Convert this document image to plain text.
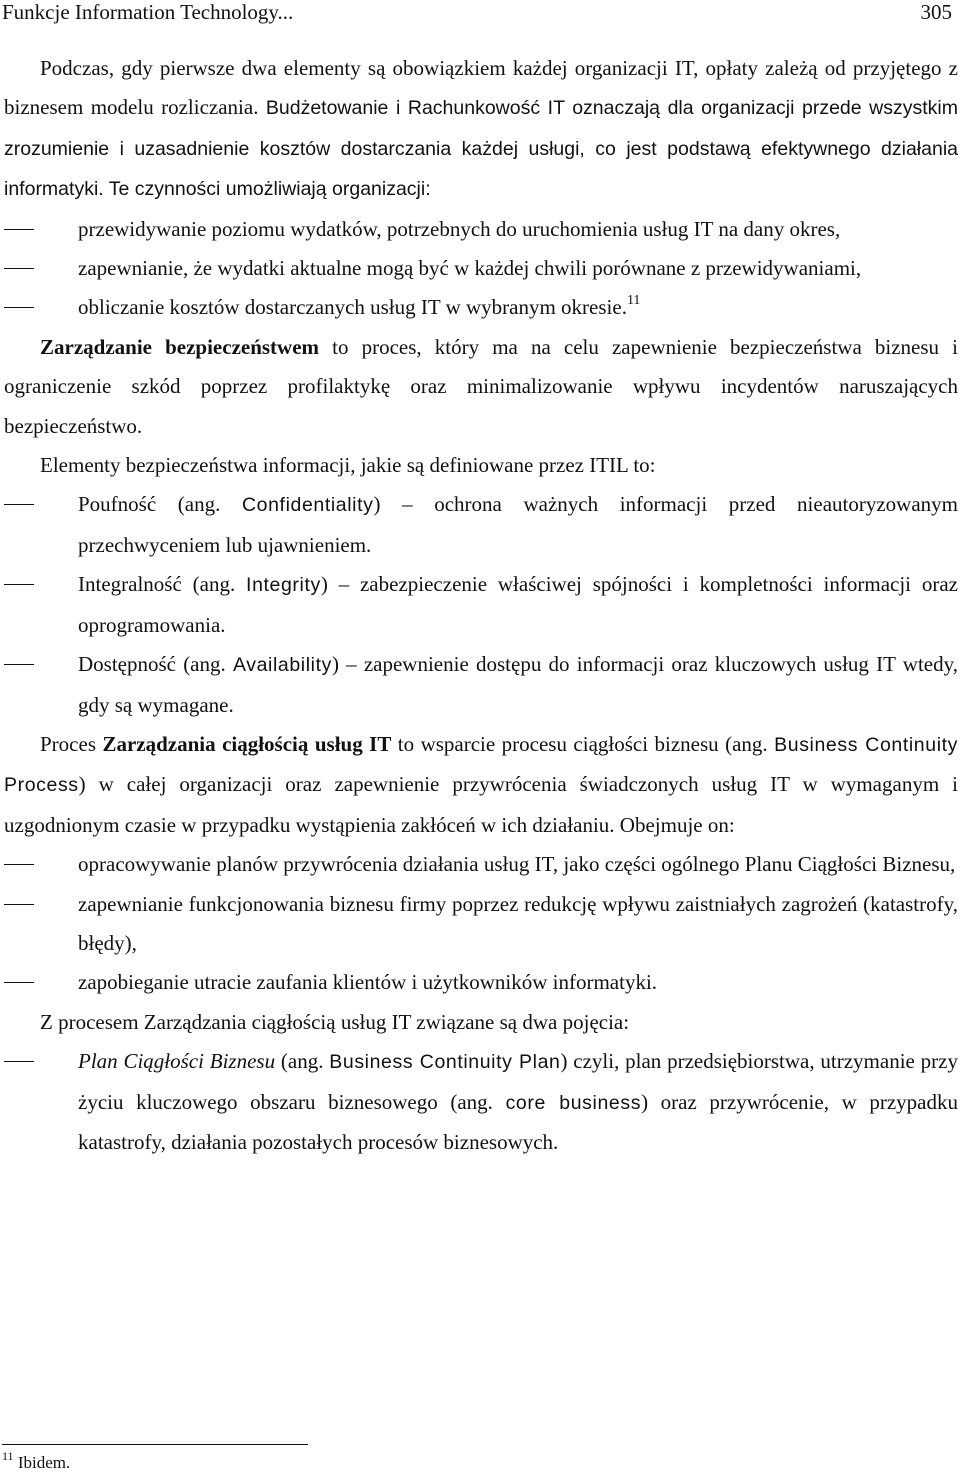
Funkcje Information Technology...	305

Podczas, gdy pierwsze dwa elementy są obowiązkiem każdej organizacji IT, opłaty zależą od przyjętego z biznesem modelu rozliczania. Budżetowanie i Rachunkowość IT oznaczają dla organizacji przede wszystkim zrozumienie i uzasadnienie kosztów dostarczania każdej usługi, co jest podstawą efektywnego działania informatyki. Te czynności umożliwiają organizacji:

przewidywanie poziomu wydatków, potrzebnych do uruchomienia usług IT na dany okres,
zapewnianie, że wydatki aktualne mogą być w każdej chwili porównane z przewidywaniami,
obliczanie kosztów dostarczanych usług IT w wybranym okresie.$^{11}$

Zarządzanie bezpieczeństwem to proces, który ma na celu zapewnienie bezpieczeństwa biznesu i ograniczenie szkód poprzez profilaktykę oraz minimalizowanie wpływu incydentów naruszających bezpieczeństwo.

Elementy bezpieczeństwa informacji, jakie są definiowane przez ITIL to:

Poufność (ang. Confidentiality) – ochrona ważnych informacji przed nieautoryzowanym przechwyceniem lub ujawnieniem.
Integralność (ang. Integrity) – zabezpieczenie właściwej spójności i kompletności informacji oraz oprogramowania.
Dostępność (ang. Availability) – zapewnienie dostępu do informacji oraz kluczowych usług IT wtedy, gdy są wymagane.

Proces Zarządzania ciągłością usług IT to wsparcie procesu ciągłości biznesu (ang. Business Continuity Process) w całej organizacji oraz zapewnienie przywrócenia świadczonych usług IT w wymaganym i uzgodnionym czasie w przypadku wystąpienia zakłóceń w ich działaniu. Obejmuje on:

opracowywanie planów przywrócenia działania usług IT, jako części ogólnego Planu Ciągłości Biznesu,
zapewnianie funkcjonowania biznesu firmy poprzez redukcję wpływu zaistniałych zagrożeń (katastrofy, błędy),
zapobieganie utracie zaufania klientów i użytkowników informatyki.

Z procesem Zarządzania ciągłością usług IT związane są dwa pojęcia:

Plan Ciągłości Biznesu (ang. Business Continuity Plan) czyli, plan przedsiębiorstwa, utrzymanie przy życiu kluczowego obszaru biznesowego (ang. core business) oraz przywrócenie, w przypadku katastrofy, działania pozostałych procesów biznesowych.
$^{11}$ Ibidem.
